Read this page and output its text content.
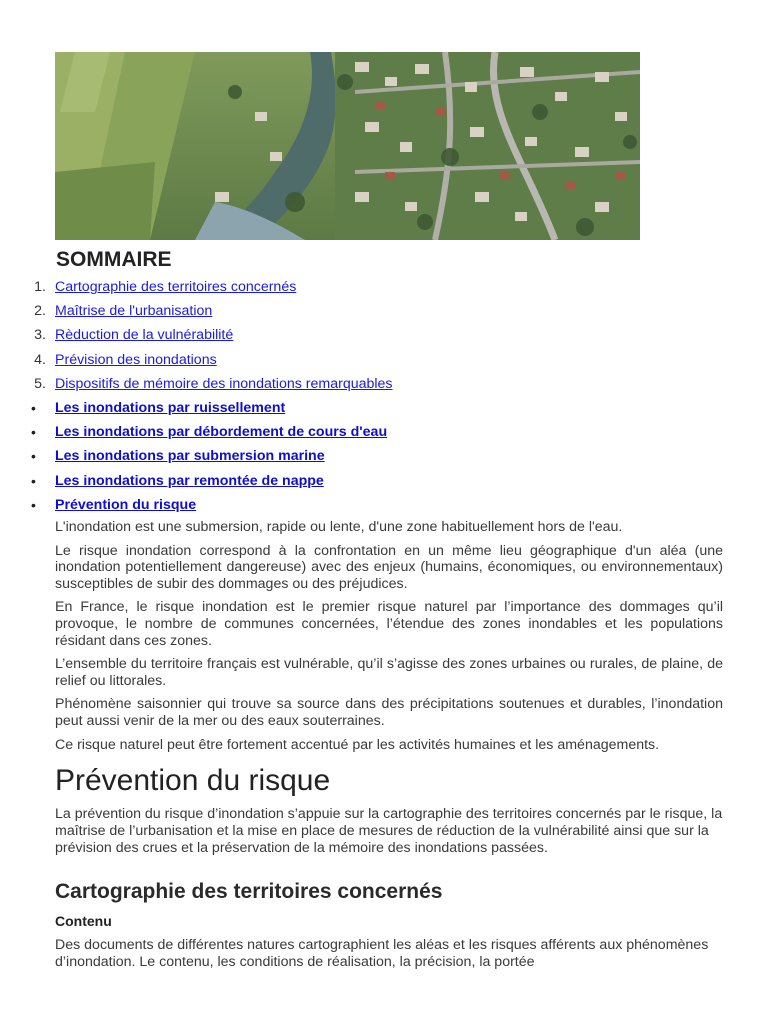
SOMMAIRE
1. Cartographie des territoires concernés
2. Maîtrise de l'urbanisation
3. Rèduction de la vulnérabilité
4. Prévision des inondations
5. Dispositifs de mémoire des inondations remarquables
• Les inondations par ruissellement
• Les inondations par débordement de cours d'eau
• Les inondations par submersion marine
• Les inondations par remontée de nappe
• Prévention du risque

L'inondation est une submersion, rapide ou lente, d'une zone habituellement hors de l'eau.

Le risque inondation correspond à la confrontation en un même lieu géographique d'un aléa (une inondation potentiellement dangereuse) avec des enjeux (humains, économiques, ou environnementaux) susceptibles de subir des dommages ou des préjudices.

En France, le risque inondation est le premier risque naturel par l’importance des dommages qu’il provoque, le nombre de communes concernées, l’étendue des zones inondables et les populations résidant dans ces zones.

L’ensemble du territoire français est vulnérable, qu’il s’agisse des zones urbaines ou rurales, de plaine, de relief ou littorales.

Phénomène saisonnier qui trouve sa source dans des précipitations soutenues et durables, l’inondation peut aussi venir de la mer ou des eaux souterraines.

Ce risque naturel peut être fortement accentué par les activités humaines et les aménagements.

Prévention du risque

La prévention du risque d’inondation s’appuie sur la cartographie des territoires concernés par le risque, la maîtrise de l’urbanisation et la mise en place de mesures de réduction de la vulnérabilité ainsi que sur la prévision des crues et la préservation de la mémoire des inondations passées.

Cartographie des territoires concernés
Contenu

Des documents de différentes natures cartographient les aléas et les risques afférents aux phénomènes d’inondation. Le contenu, les conditions de réalisation, la précision, la portée
